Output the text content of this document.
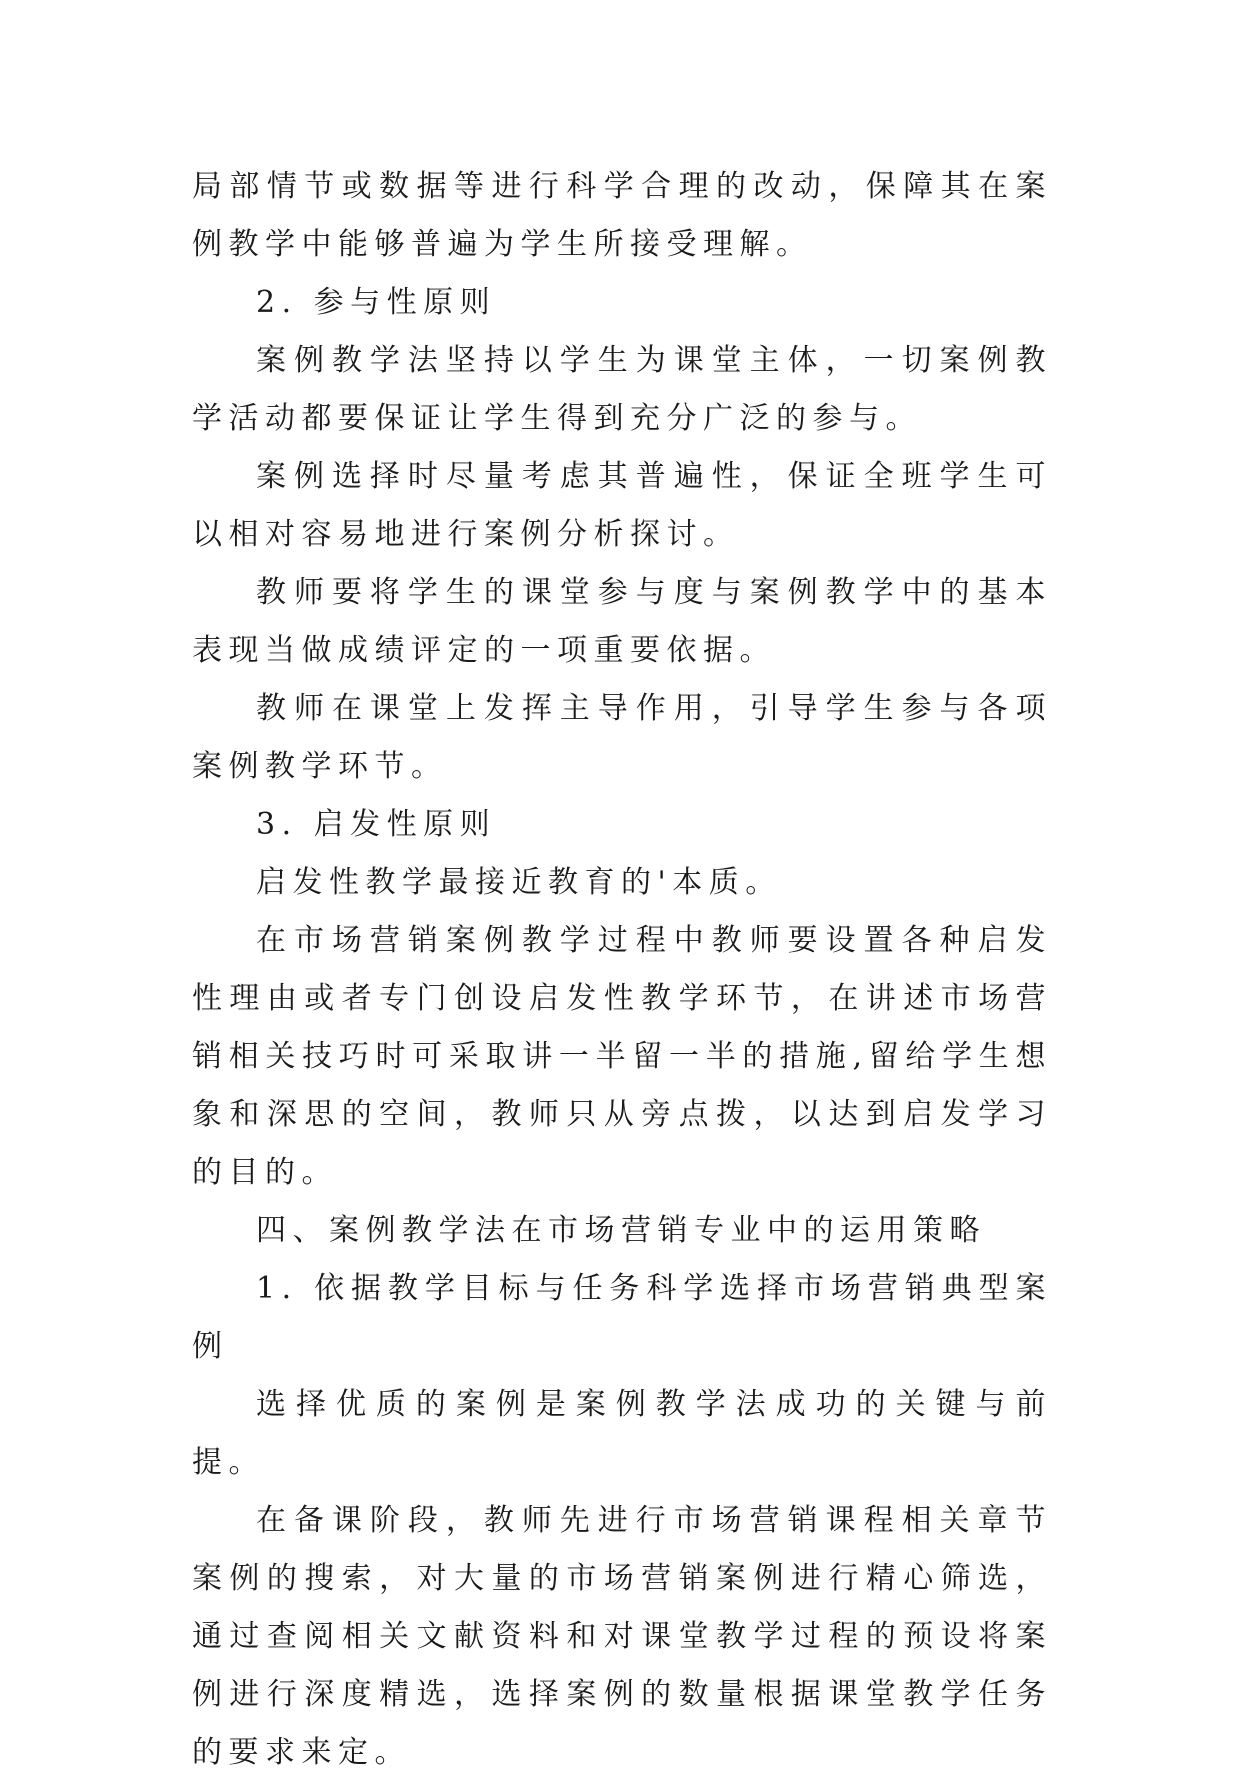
局部情节或数据等进行科学合理的改动，保障其在案例教学中能够普遍为学生所接受理解。

2. 参与性原则

案例教学法坚持以学生为课堂主体，一切案例教学活动都要保证让学生得到充分广泛的参与。

案例选择时尽量考虑其普遍性，保证全班学生可以相对容易地进行案例分析探讨。

教师要将学生的课堂参与度与案例教学中的基本表现当做成绩评定的一项重要依据。

教师在课堂上发挥主导作用，引导学生参与各项案例教学环节。

3. 启发性原则

启发性教学最接近教育的'本质。

在市场营销案例教学过程中教师要设置各种启发性理由或者专门创设启发性教学环节，在讲述市场营销相关技巧时可采取讲一半留一半的措施,留给学生想象和深思的空间，教师只从旁点拨，以达到启发学习的目的。

四、案例教学法在市场营销专业中的运用策略

1. 依据教学目标与任务科学选择市场营销典型案例

选择优质的案例是案例教学法成功的关键与前提。

在备课阶段，教师先进行市场营销课程相关章节案例的搜索，对大量的市场营销案例进行精心筛选，通过查阅相关文献资料和对课堂教学过程的预设将案例进行深度精选，选择案例的数量根据课堂教学任务的要求来定。
